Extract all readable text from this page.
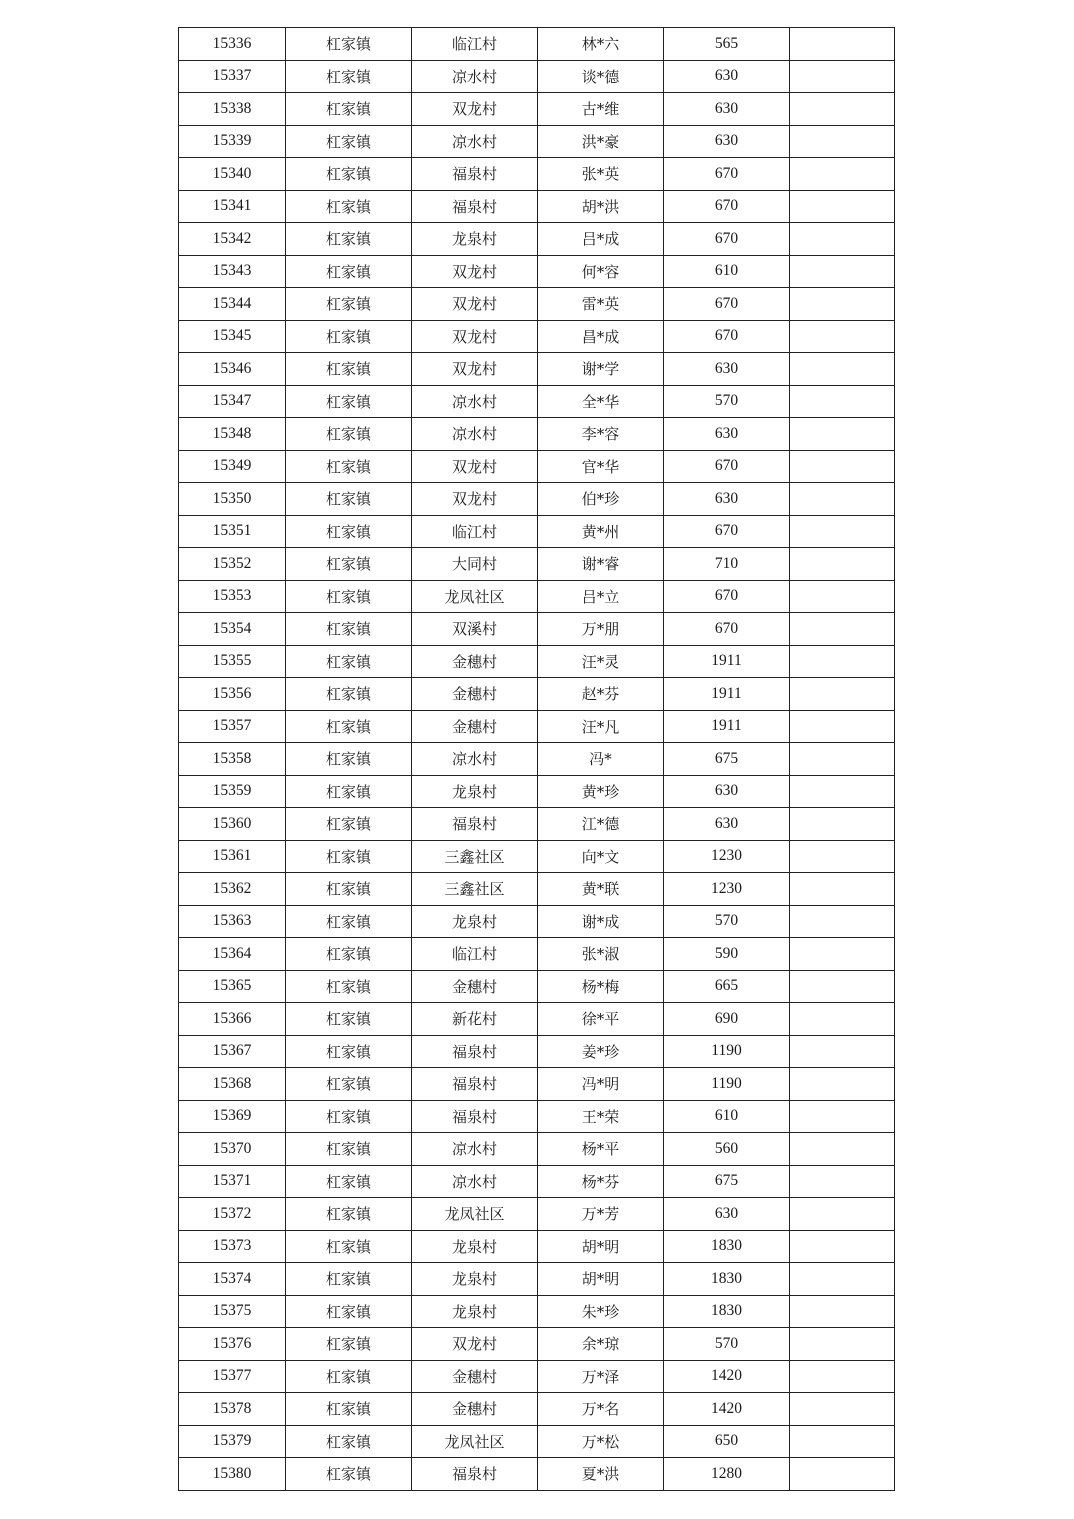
15336	杠家镇	临江村	林*六	565	
15337	杠家镇	凉水村	谈*德	630	
15338	杠家镇	双龙村	古*维	630	
15339	杠家镇	凉水村	洪*豪	630	
15340	杠家镇	福泉村	张*英	670	
15341	杠家镇	福泉村	胡*洪	670	
15342	杠家镇	龙泉村	吕*成	670	
15343	杠家镇	双龙村	何*容	610	
15344	杠家镇	双龙村	雷*英	670	
15345	杠家镇	双龙村	昌*成	670	
15346	杠家镇	双龙村	谢*学	630	
15347	杠家镇	凉水村	全*华	570	
15348	杠家镇	凉水村	李*容	630	
15349	杠家镇	双龙村	官*华	670	
15350	杠家镇	双龙村	伯*珍	630	
15351	杠家镇	临江村	黄*州	670	
15352	杠家镇	大同村	谢*睿	710	
15353	杠家镇	龙凤社区	吕*立	670	
15354	杠家镇	双溪村	万*朋	670	
15355	杠家镇	金穗村	汪*灵	1911	
15356	杠家镇	金穗村	赵*芬	1911	
15357	杠家镇	金穗村	汪*凡	1911	
15358	杠家镇	凉水村	冯*	675	
15359	杠家镇	龙泉村	黄*珍	630	
15360	杠家镇	福泉村	江*德	630	
15361	杠家镇	三鑫社区	向*文	1230	
15362	杠家镇	三鑫社区	黄*联	1230	
15363	杠家镇	龙泉村	谢*成	570	
15364	杠家镇	临江村	张*淑	590	
15365	杠家镇	金穗村	杨*梅	665	
15366	杠家镇	新花村	徐*平	690	
15367	杠家镇	福泉村	姜*珍	1190	
15368	杠家镇	福泉村	冯*明	1190	
15369	杠家镇	福泉村	王*荣	610	
15370	杠家镇	凉水村	杨*平	560	
15371	杠家镇	凉水村	杨*芬	675	
15372	杠家镇	龙凤社区	万*芳	630	
15373	杠家镇	龙泉村	胡*明	1830	
15374	杠家镇	龙泉村	胡*明	1830	
15375	杠家镇	龙泉村	朱*珍	1830	
15376	杠家镇	双龙村	余*琼	570	
15377	杠家镇	金穗村	万*泽	1420	
15378	杠家镇	金穗村	万*名	1420	
15379	杠家镇	龙凤社区	万*松	650	
15380	杠家镇	福泉村	夏*洪	1280	
